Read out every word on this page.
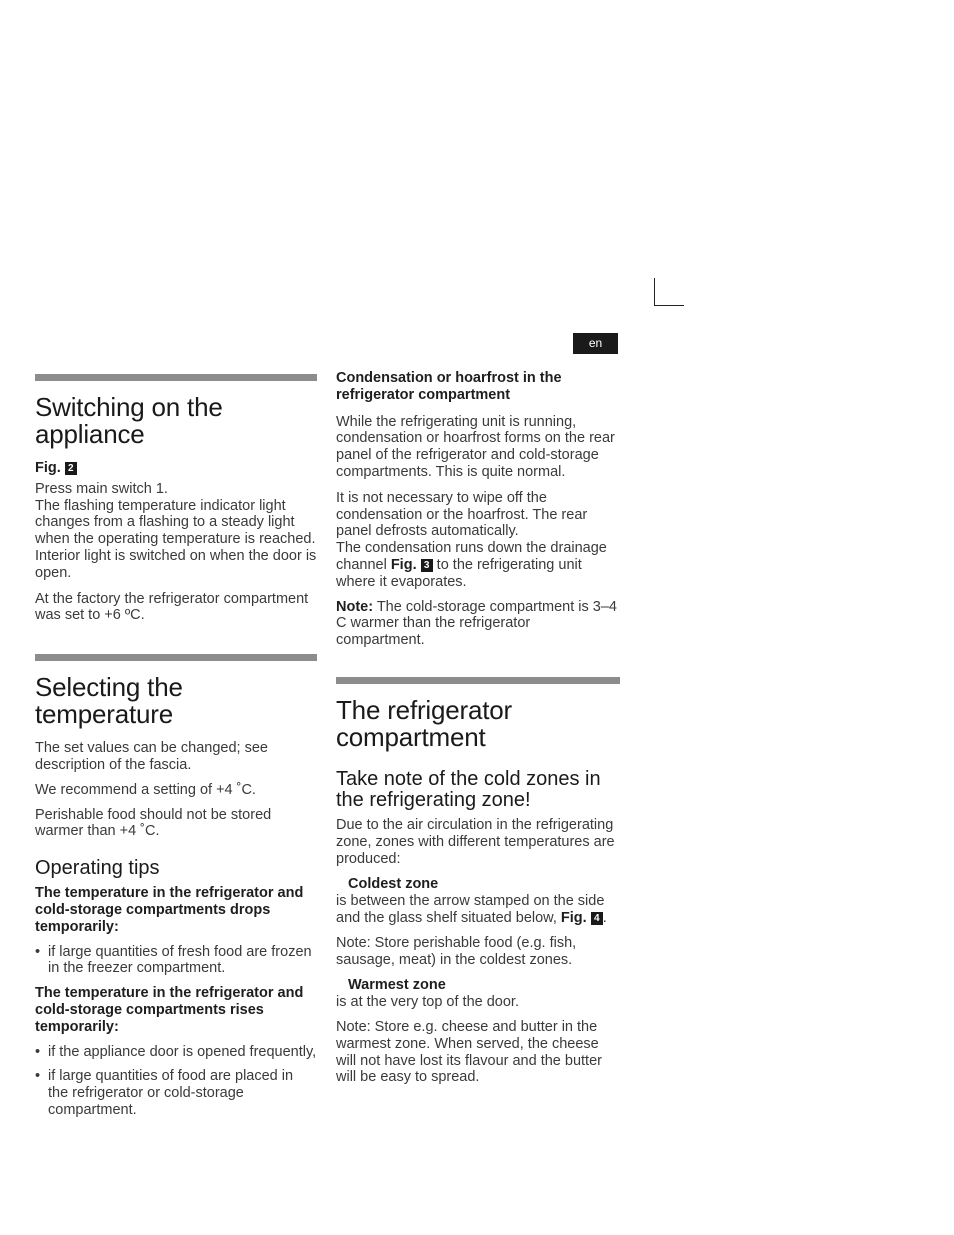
en
Switching on the appliance

Fig. 2

Press main switch 1.
The flashing temperature indicator light changes from a flashing to a steady light when the operating temperature is reached. Interior light is switched on when the door is open.

At the factory the refrigerator compartment was set to +6 ºC.

Selecting the temperature

The set values can be changed; see description of the fascia.

We recommend a setting of +4 ˚C.

Perishable food should not be stored warmer than +4 ˚C.

Operating tips

The temperature in the refrigerator and cold-storage compartments drops temporarily:

• if large quantities of fresh food are frozen in the freezer compartment.

The temperature in the refrigerator and cold-storage compartments rises temporarily:

• if the appliance door is opened frequently,
• if large quantities of food are placed in the refrigerator or cold-storage compartment.

Condensation or hoarfrost in the refrigerator compartment

While the refrigerating unit is running, condensation or hoarfrost forms on the rear panel of the refrigerator and cold-storage compartments. This is quite normal.

It is not necessary to wipe off the condensation or the hoarfrost. The rear panel defrosts automatically.
The condensation runs down the drainage channel Fig. 3 to the refrigerating unit where it evaporates.

Note: The cold-storage compartment is 3–4 C warmer than the refrigerator compartment.

The refrigerator compartment
Take note of the cold zones in the refrigerating zone!

Due to the air circulation in the refrigerating zone, zones with different temperatures are produced:

Coldest zone

is between the arrow stamped on the side and the glass shelf situated below, Fig. 4 .

Note: Store perishable food (e.g. fish, sausage, meat) in the coldest zones.

Warmest zone

is at the very top of the door.

Note: Store e.g. cheese and butter in the warmest zone. When served, the cheese will not have lost its flavour and the butter will be easy to spread.
